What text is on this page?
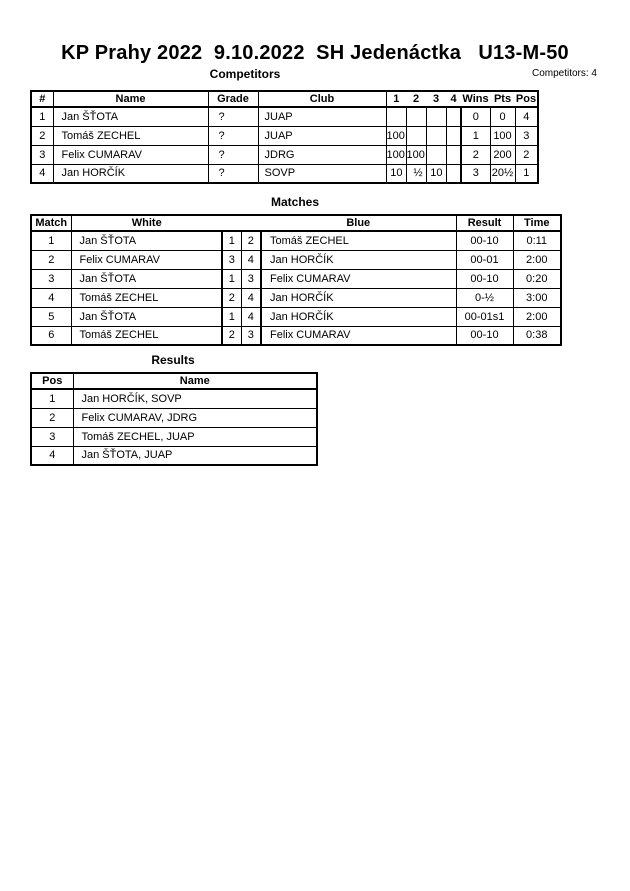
KP Prahy 2022  9.10.2022  SH Jedenáctka   U13-M-50
Competitors	Competitors: 4
#	Name	Grade	Club	1	2	3	4	Wins	Pts	Pos
1	Jan ŠŤOTA	?	JUAP					0	0	4
2	Tomáš ZECHEL	?	JUAP	100				1	100	3
3	Felix CUMARAV	?	JDRG	100	100			2	200	2
4	Jan HORČÍK	?	SOVP	10	½	10		3	20½	1
Matches
Match	White			Blue	Result	Time
1	Jan ŠŤOTA	1	2	Tomáš ZECHEL	00-10	0:11
2	Felix CUMARAV	3	4	Jan HORČÍK	00-01	2:00
3	Jan ŠŤOTA	1	3	Felix CUMARAV	00-10	0:20
4	Tomáš ZECHEL	2	4	Jan HORČÍK	0-½	3:00
5	Jan ŠŤOTA	1	4	Jan HORČÍK	00-01s1	2:00
6	Tomáš ZECHEL	2	3	Felix CUMARAV	00-10	0:38
Results
Pos	Name
1	Jan HORČÍK, SOVP
2	Felix CUMARAV, JDRG
3	Tomáš ZECHEL, JUAP
4	Jan ŠŤOTA, JUAP
